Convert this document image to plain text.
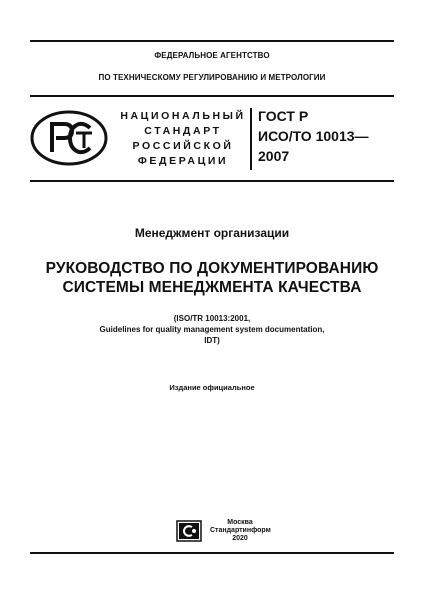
ФЕДЕРАЛЬНОЕ АГЕНТСТВО
ПО ТЕХНИЧЕСКОМУ РЕГУЛИРОВАНИЮ И МЕТРОЛОГИИ
НАЦИОНАЛЬНЫЙ
СТАНДАРТ
РОССИЙСКОЙ
ФЕДЕРАЦИИ
ГОСТ Р
ИСО/ТО 10013—
2007
Менеджмент организации
РУКОВОДСТВО ПО ДОКУМЕНТИРОВАНИЮ
СИСТЕМЫ МЕНЕДЖМЕНТА КАЧЕСТВА
(ISO/TR 10013:2001,
Guidelines for quality management system documentation,
IDT)
Издание официальное
Москва
Стандартинформ
2020
